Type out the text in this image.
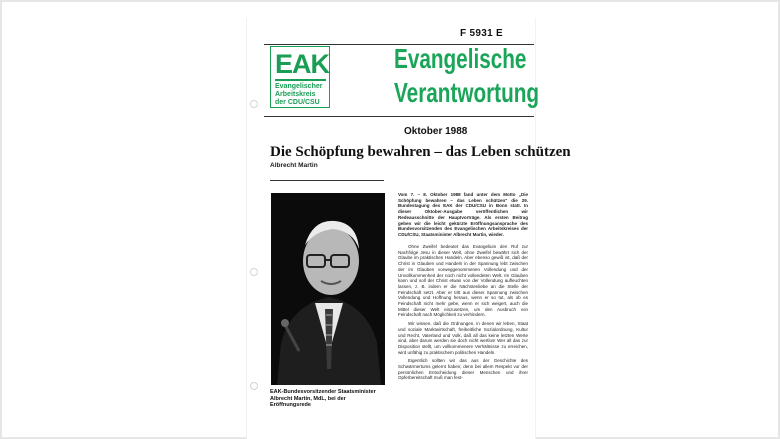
F 5931 E
EAK
Evangelischer
Arbeitskreis
der CDU/CSU
Evangelische
Verantwortung
Oktober 1988
Die Schöpfung bewahren – das Leben schützen
Albrecht Martin
EAK-Bundesvorsitzender Staatsminister
Albrecht Martin, MdL, bei der Eröffnungsrede
Vom 7. – 8. Oktober 1988 fand unter dem Motto „Die Schöpfung bewahren – das Leben schützen" die 29. Bundestagung des EAK der CDU/CSU in Bonn statt. In dieser Oktober-Ausgabe veröffentlichen wir Redeausschnitte der Hauptvorträge. Als ersten Beitrag geben wir die leicht gekürzte Eröffnungsansprache des Bundesvorsitzenden des Evangelischen Arbeitskreises der CDU/CSU, Staatsminister Albrecht Martin, wieder.

Ohne Zweifel bedeutet das Evangelium den Ruf zur Nachfolge Jesu in dieser Welt, ohne Zweifel bewährt sich der Glaube im praktischen Handeln. Aber ebenso gewiß ist, daß der Christ in Glauben und Handeln in der Spannung lebt zwischen der im Glauben vorweggenommenen Vollendung und der Unvollkommenheit der noch nicht vollendeten Welt. Im Glauben kann und soll der Christ etwas von der Vollendung aufleuchten lassen, z. B. indem er die Nächstenliebe an die Stelle der Feindschaft setzt. Aber er tritt aus dieser Spannung zwischen Vollendung und Hoffnung heraus, wenn er so tut, als ob es Feindschaft nicht mehr gebe, wenn er sich weigert, auch die Mittel dieser Welt einzusetzen, um den Ausbruch von Feindschaft nach Möglichkeit zu verhindern.

Wir wissen, daß die Ordnungen, in denen wir leben, Staat und soziale Marktwirtschaft, freiheitliche Sozialordnung, Kultur und Recht, Vaterland und Volk, daß all das keine letzten Werte sind, aber darum werden sie doch nicht wertlos! Wer all das zur Disposition stellt, um vollkommenere Verhältnisse zu erreichen, wird unfähig zu praktischem politischen Handeln.

Eigentlich sollten wir das aus der Geschichte des Schwärmertums gelernt haben; denn bei allem Respekt vor der persönlichen Entscheidung dieser Menschen und ihrer Opferbereitschaft muß man fest-
